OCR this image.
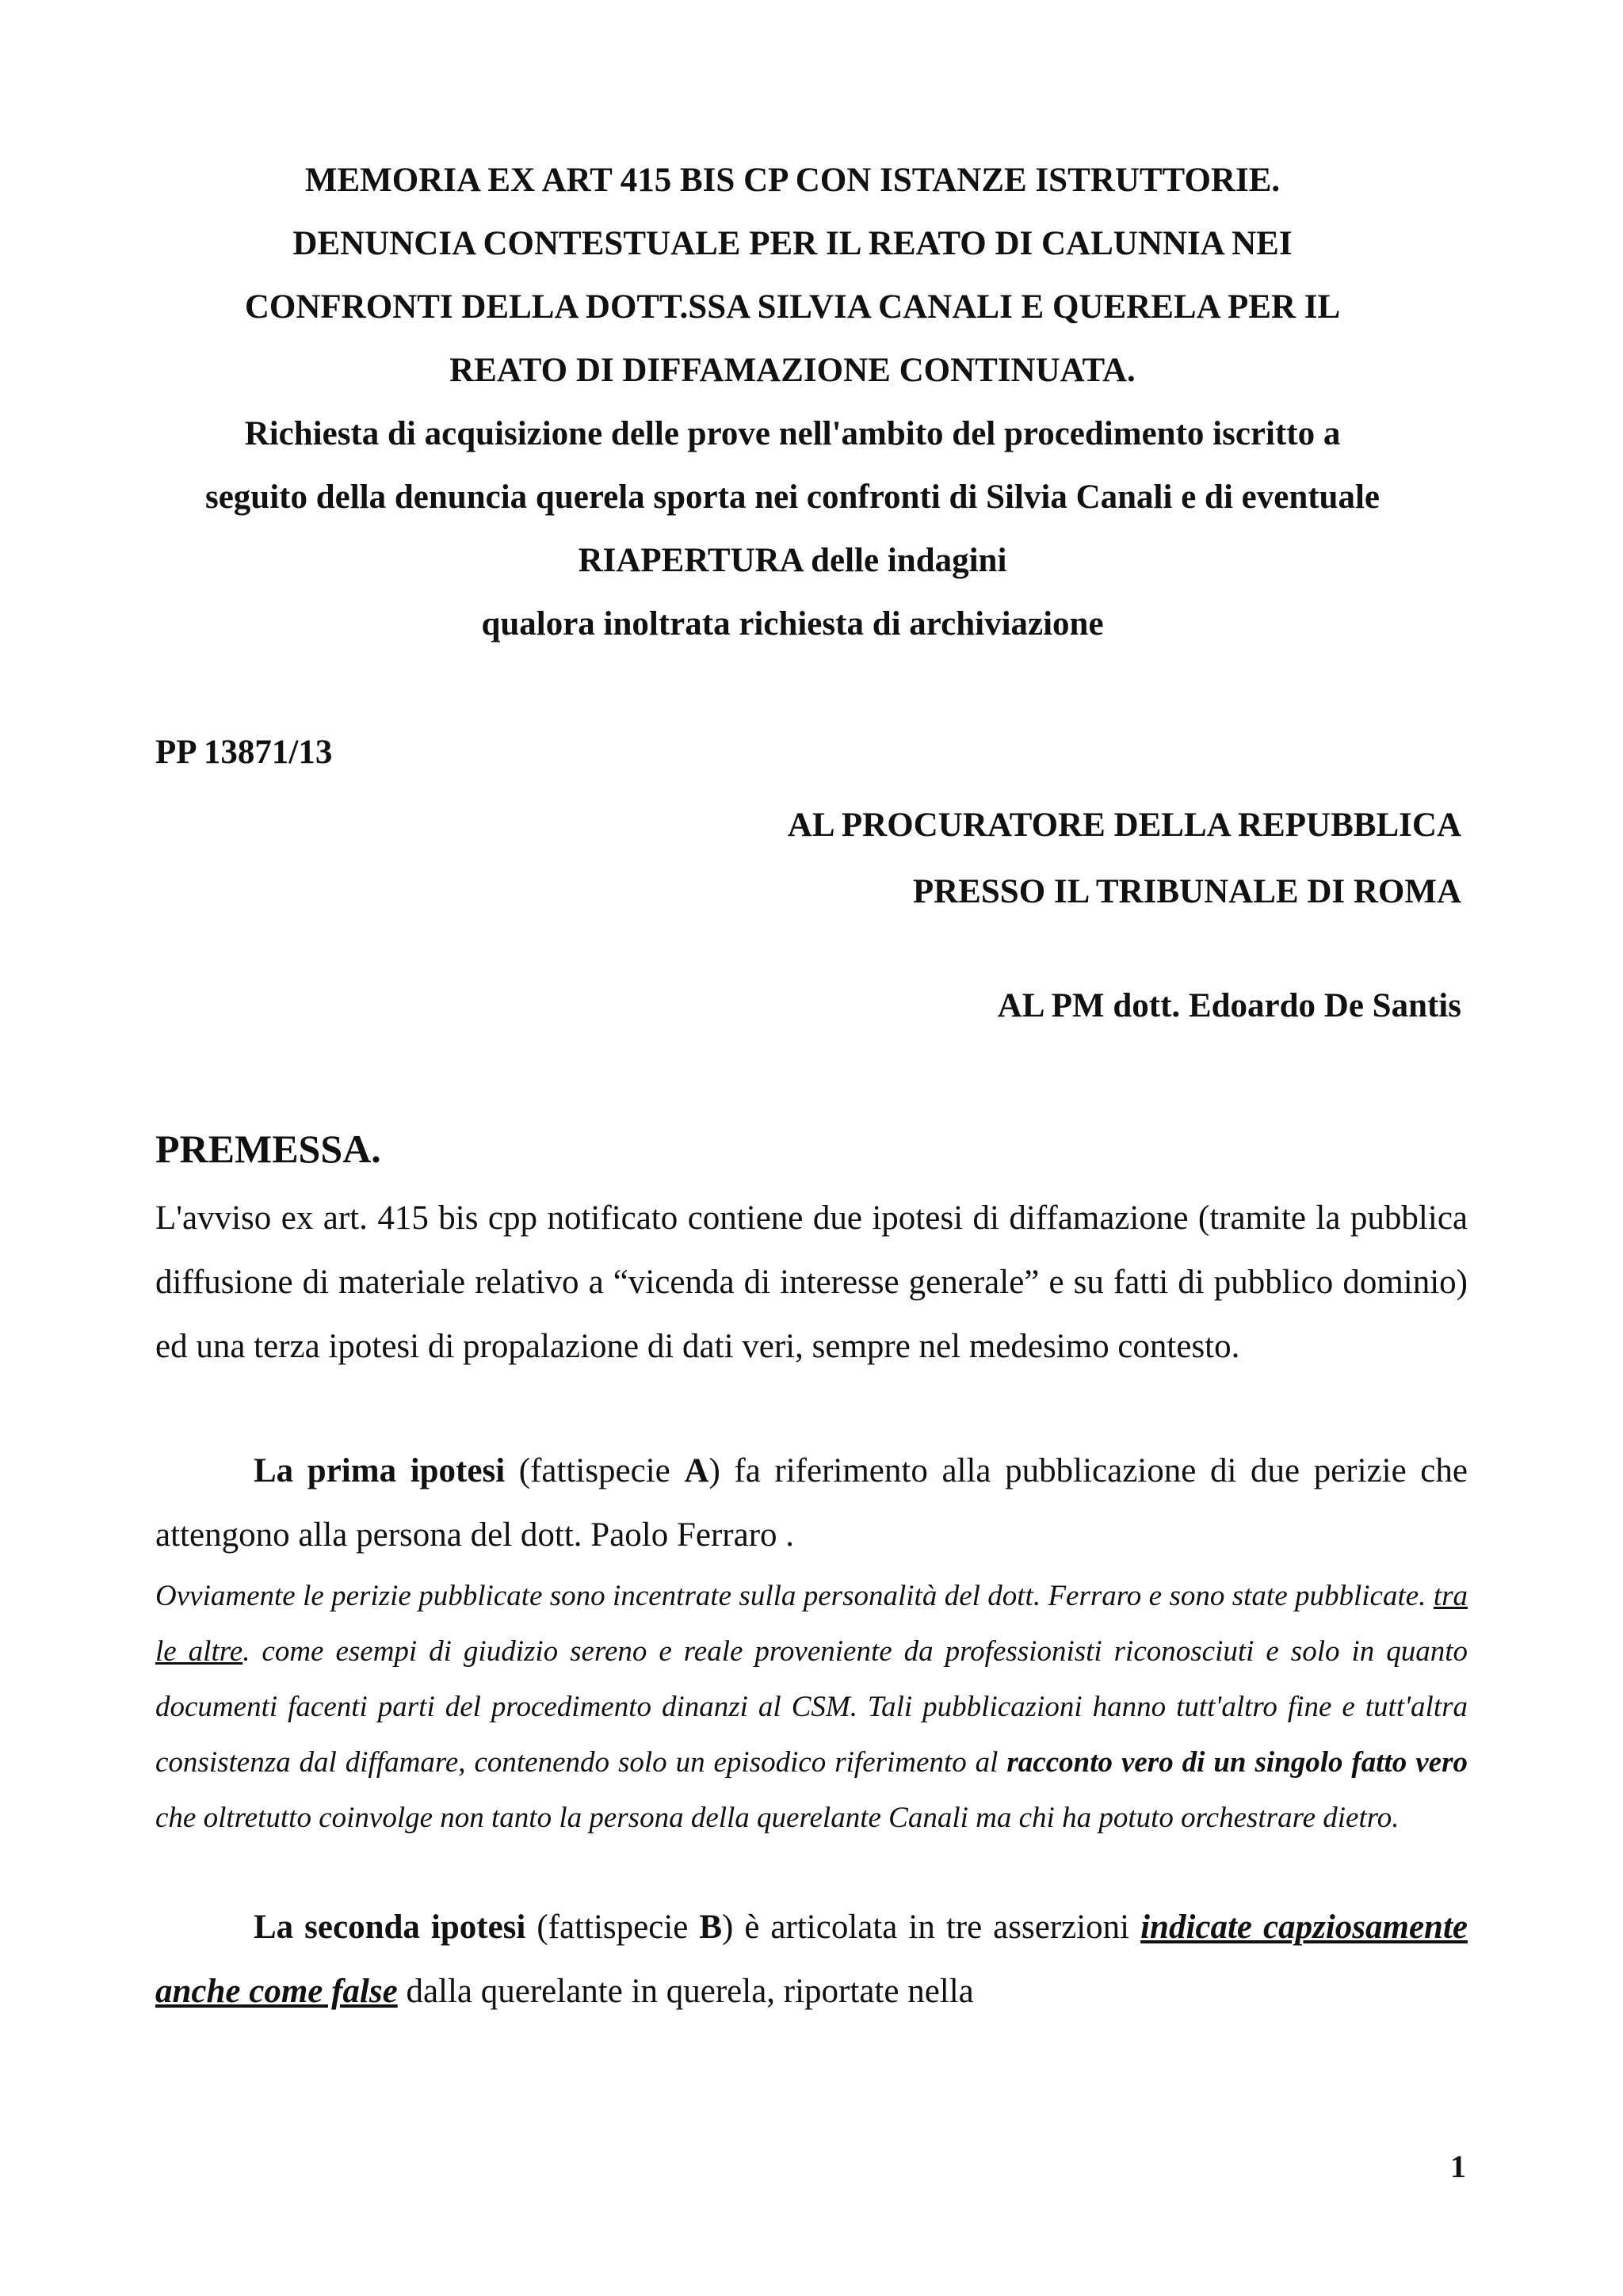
MEMORIA EX ART 415 BIS CP CON ISTANZE ISTRUTTORIE.
DENUNCIA CONTESTUALE PER IL REATO DI CALUNNIA NEI
CONFRONTI DELLA DOTT.SSA SILVIA CANALI E QUERELA PER IL
REATO DI DIFFAMAZIONE CONTINUATA.
Richiesta di acquisizione delle prove nell'ambito del procedimento iscritto a
seguito della denuncia querela sporta nei confronti di Silvia Canali e di eventuale
RIAPERTURA delle indagini
qualora inoltrata richiesta di archiviazione
PP 13871/13
AL PROCURATORE DELLA REPUBBLICA
PRESSO IL TRIBUNALE DI ROMA
AL PM dott. Edoardo De Santis
PREMESSA.
L'avviso ex art. 415 bis cpp notificato contiene due ipotesi di diffamazione (tramite la pubblica diffusione di materiale relativo a “vicenda di interesse generale” e su fatti di pubblico dominio) ed una terza ipotesi di propalazione di dati veri, sempre nel medesimo contesto.
La prima ipotesi (fattispecie A) fa riferimento alla pubblicazione di due perizie che attengono alla persona del dott. Paolo Ferraro .
Ovviamente le perizie pubblicate sono incentrate sulla personalità del dott. Ferraro e sono state pubblicate. tra le altre. come esempi di giudizio sereno e reale proveniente da professionisti riconosciuti e solo in quanto documenti facenti parti del procedimento dinanzi al CSM. Tali pubblicazioni hanno tutt'altro fine e tutt'altra consistenza dal diffamare, contenendo solo un episodico riferimento al racconto vero di un singolo fatto vero che oltretutto coinvolge non tanto la persona della querelante Canali ma chi ha potuto orchestrare dietro.
La seconda ipotesi (fattispecie B) è articolata in tre asserzioni indicate capziosamente anche come false dalla querelante in querela, riportate nella
1
